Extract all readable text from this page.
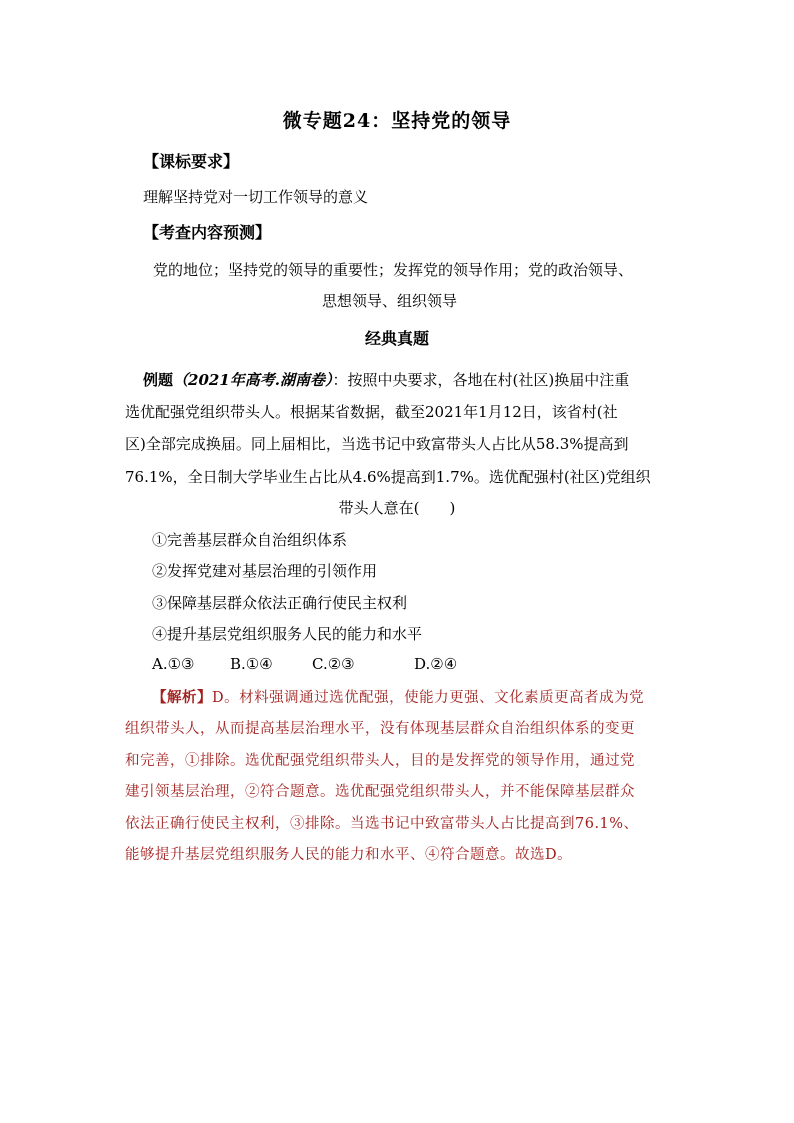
微专题24：坚持党的领导
【课标要求】
理解坚持党对一切工作领导的意义
【考查内容预测】
党的地位；坚持党的领导的重要性；发挥党的领导作用；党的政治领导、
思想领导、组织领导
经典真题
例题（2021年高考.湖南卷）：按照中央要求，各地在村(社区)换届中注重
选优配强党组织带头人。根据某省数据，截至2021年1月12日，该省村(社
区)全部完成换届。同上届相比，当选书记中致富带头人占比从58.3%提高到
76.1%，全日制大学毕业生占比从4.6%提高到1.7%。选优配强村(社区)党组织
带头人意在(　　)
①完善基层群众自治组织体系
②发挥党建对基层治理的引领作用
③保障基层群众依法正确行使民主权利
④提升基层党组织服务人民的能力和水平
A.①③ B.①④	C.②③	D.②④
【解析】D。材料强调通过选优配强，使能力更强、文化素质更高者成为党
组织带头人，从而提高基层治理水平，没有体现基层群众自治组织体系的变更
和完善，①排除。选优配强党组织带头人，目的是发挥党的领导作用，通过党
建引领基层治理，②符合题意。选优配强党组织带头人，并不能保障基层群众
依法正确行使民主权利，③排除。当选书记中致富带头人占比提高到76.1%、
能够提升基层党组织服务人民的能力和水平、④符合题意。故选D。
